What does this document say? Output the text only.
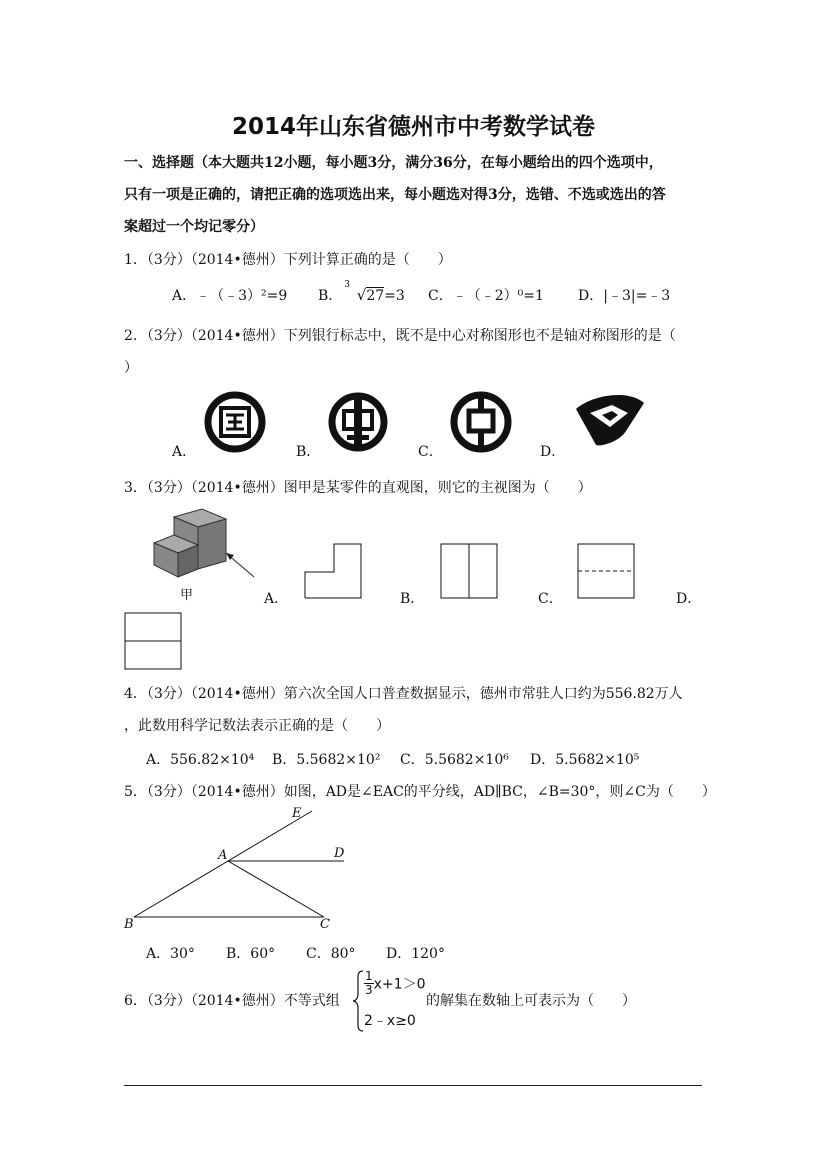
2014年山东省德州市中考数学试卷
一、选择题（本大题共12小题，每小题3分，满分36分，在每小题给出的四个选项中，
只有一项是正确的，请把正确的选项选出来，每小题选对得3分，选错、不选或选出的答
案超过一个均记零分）
1．（3分）（2014•德州）下列计算正确的是（　　）
A．﹣（﹣3）²=9 B．
3
√27=3 C．﹣（﹣2）⁰=1 D．|﹣3|=﹣3
2．（3分）（2014•德州）下列银行标志中，既不是中心对称图形也不是轴对称图形的是（
）
A．	B．	C．	D．
3．（3分）（2014•德州）图甲是某零件的直观图，则它的主视图为（　　）
甲	A．	B．	C．	D．
4．（3分）（2014•德州）第六次全国人口普查数据显示，德州市常驻人口约为556.82万人
，此数用科学记数法表示正确的是（　　）
A．556.82×10⁴ B．5.5682×10² C．5.5682×10⁶ D．5.5682×10⁵
5．（3分）（2014•德州）如图，AD是∠EAC的平分线，AD∥BC，∠B=30°，则∠C为（　　）
E
A	D
B	C
A．30° B．60° C．80° D．120°
6．（3分）（2014•德州）不等式组
$\frac{1}{3} x+1>0$
2﹣x≥0
的解集在数轴上可表示为（　　）
